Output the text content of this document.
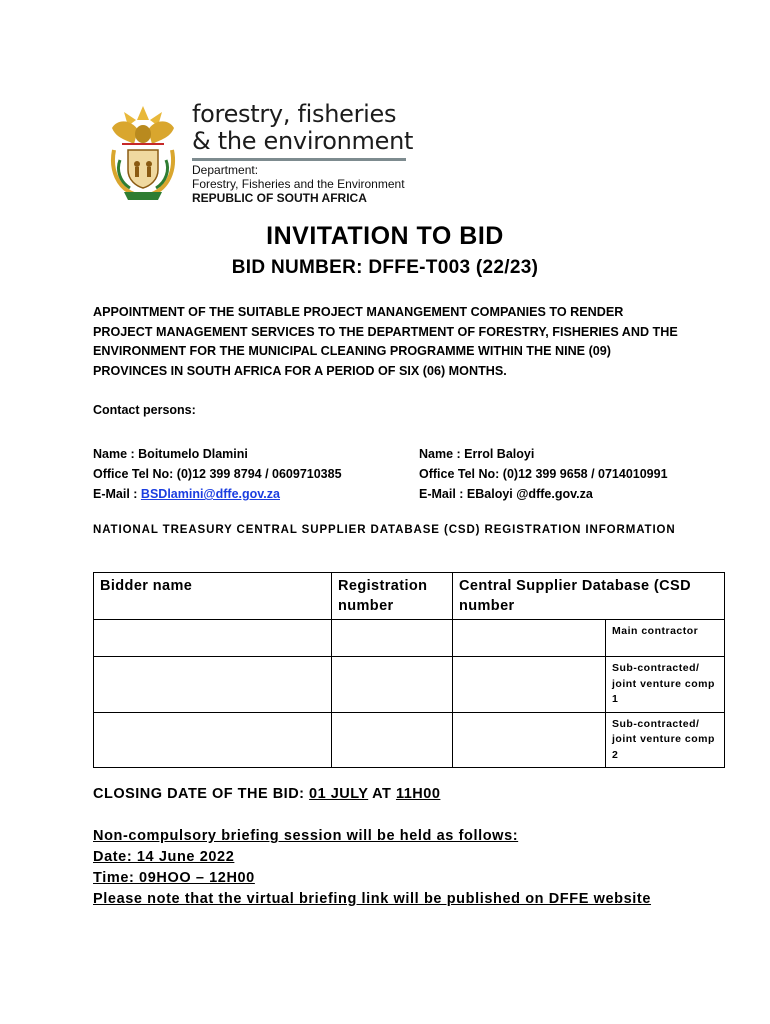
forestry, fisheries
& the environment
Department:
Forestry, Fisheries and the Environment
REPUBLIC OF SOUTH AFRICA
INVITATION TO BID
BID NUMBER: DFFE-T003 (22/23)
APPOINTMENT OF THE SUITABLE PROJECT MANANGEMENT COMPANIES TO RENDER PROJECT MANAGEMENT SERVICES TO THE DEPARTMENT OF FORESTRY, FISHERIES AND THE ENVIRONMENT FOR THE MUNICIPAL CLEANING PROGRAMME WITHIN THE NINE (09) PROVINCES IN SOUTH AFRICA FOR A PERIOD OF SIX (06) MONTHS.
Contact persons:
Name : Boitumelo Dlamini
Office Tel No: (0)12 399 8794 / 0609710385
E-Mail : BSDlamini@dffe.gov.za
Name : Errol Baloyi
Office Tel No: (0)12 399 9658 / 0714010991
E-Mail : EBaloyi @dffe.gov.za
NATIONAL TREASURY CENTRAL SUPPLIER DATABASE (CSD) REGISTRATION INFORMATION
Bidder name	Registration number	Central Supplier Database (CSD number	
			Main contractor
			Sub-contracted/ joint venture comp 1
			Sub-contracted/ joint venture comp 2
CLOSING DATE OF THE BID: 01 JULY AT 11H00
Non-compulsory briefing session will be held as follows:
Date: 14 June 2022
Time: 09HOO – 12H00
Please note that the virtual briefing link will be published on DFFE website
